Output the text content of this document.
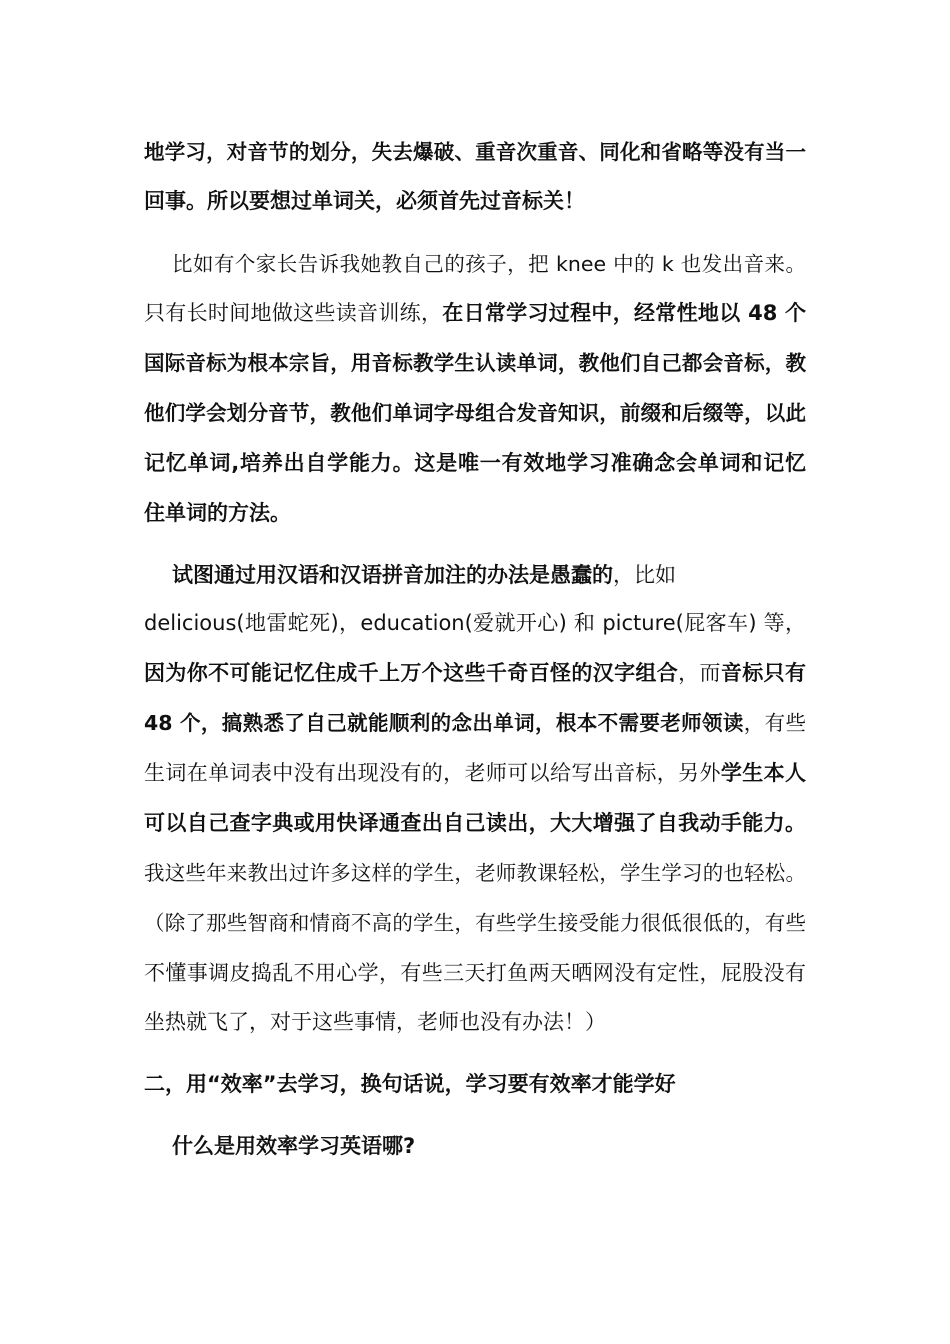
地学习，对音节的划分，失去爆破、重音次重音、同化和省略等没有当一
回事。所以要想过单词关，必须首先过音标关！
比如有个家长告诉我她教自己的孩子，把 knee 中的 k 也发出音来。
只有长时间地做这些读音训练，在日常学习过程中，经常性地以 48 个
国际音标为根本宗旨，用音标教学生认读单词，教他们自己都会音标，教
他们学会划分音节，教他们单词字母组合发音知识，前缀和后缀等，以此
记忆单词,培养出自学能力。这是唯一有效地学习准确念会单词和记忆
住单词的方法。
试图通过用汉语和汉语拼音加注的办法是愚蠢的，比如
delicious(地雷蛇死)，education(爱就开心) 和 picture(屁客车) 等，
因为你不可能记忆住成千上万个这些千奇百怪的汉字组合，而音标只有
48 个，搞熟悉了自己就能顺利的念出单词，根本不需要老师领读，有些
生词在单词表中没有出现没有的，老师可以给写出音标，另外学生本人
可以自己查字典或用快译通查出自己读出，大大增强了自我动手能力。
我这些年来教出过许多这样的学生，老师教课轻松，学生学习的也轻松。
（除了那些智商和情商不高的学生，有些学生接受能力很低很低的，有些
不懂事调皮捣乱不用心学，有些三天打鱼两天晒网没有定性，屁股没有
坐热就飞了，对于这些事情，老师也没有办法！）
二，用“效率”去学习，换句话说，学习要有效率才能学好
什么是用效率学习英语哪?
